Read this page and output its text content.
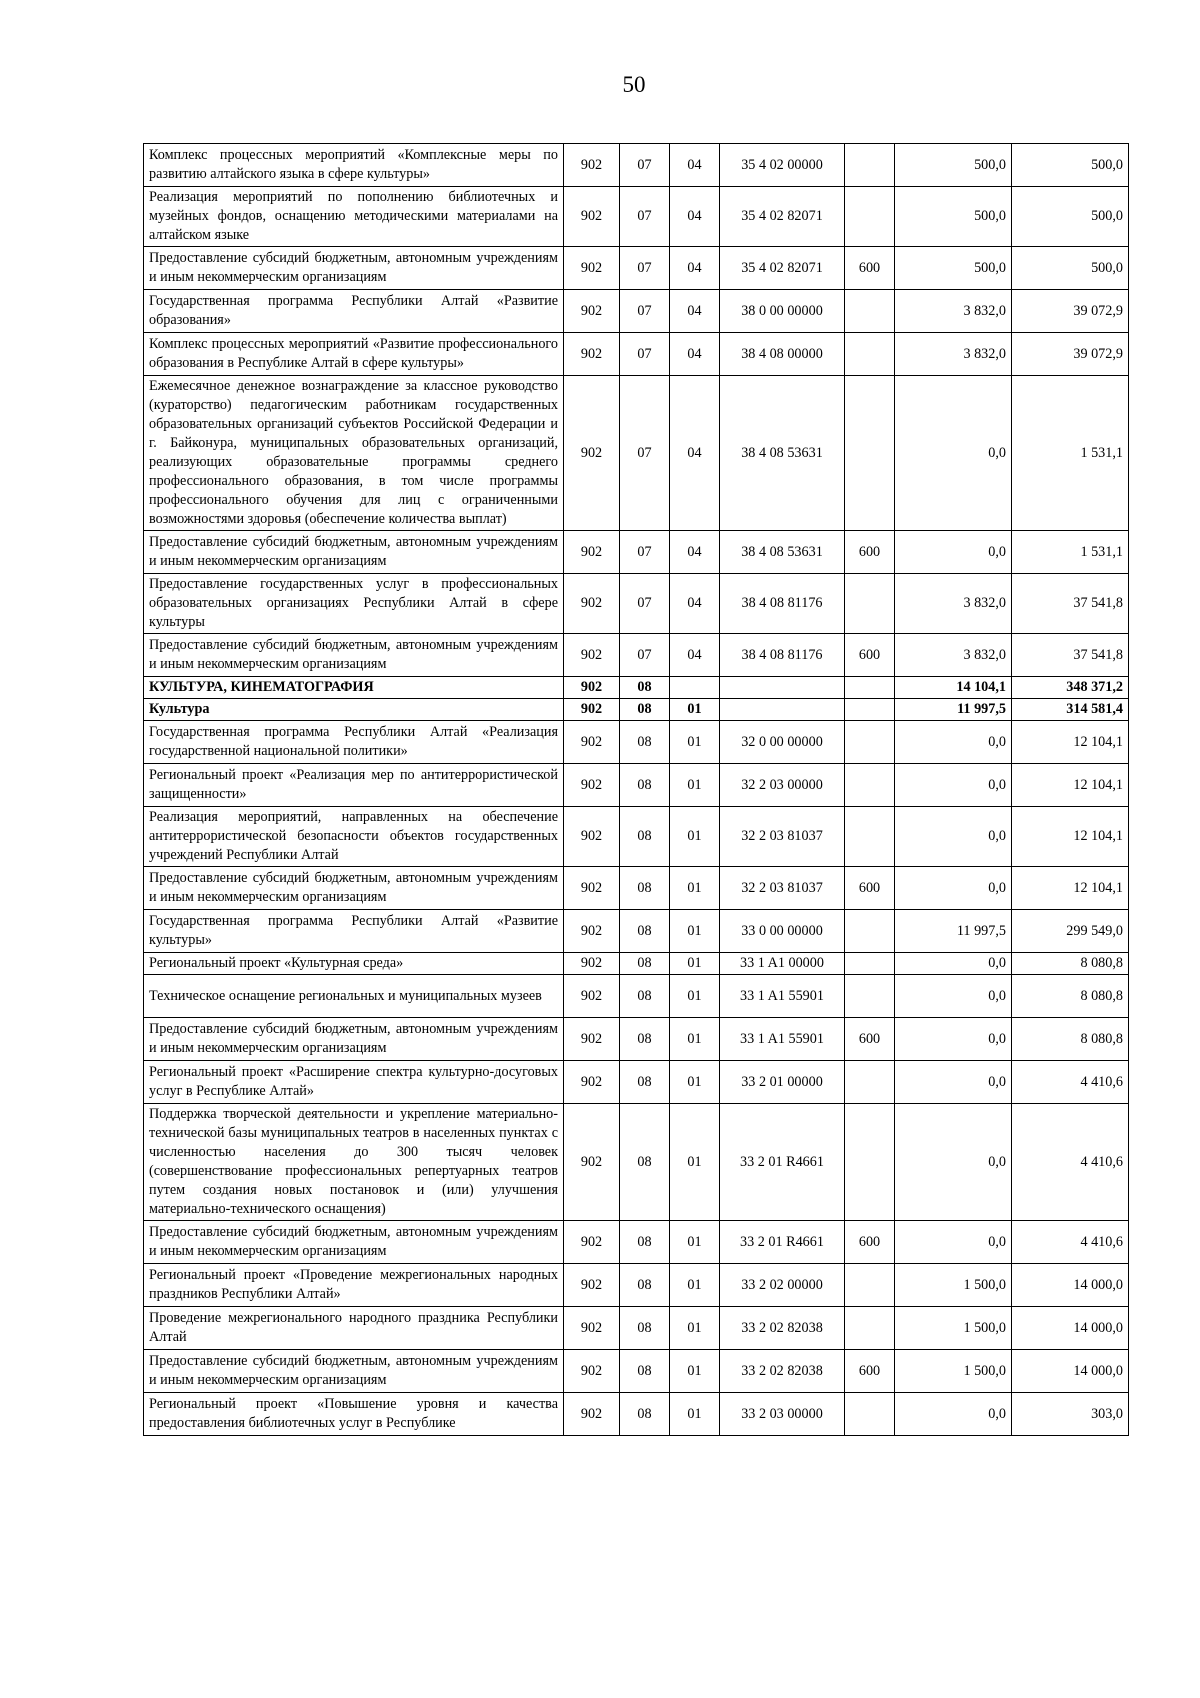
50
Комплекс процессных мероприятий «Комплексные меры по развитию алтайского языка в сфере культуры»	902	07	04	35 4 02 00000		500,0	500,0
Реализация мероприятий по пополнению библиотечных и музейных фондов, оснащению методическими материалами на алтайском языке	902	07	04	35 4 02 82071		500,0	500,0
Предоставление субсидий бюджетным, автономным учреждениям и иным некоммерческим организациям	902	07	04	35 4 02 82071	600	500,0	500,0
Государственная программа Республики Алтай «Развитие образования»	902	07	04	38 0 00 00000		3 832,0	39 072,9
Комплекс процессных мероприятий «Развитие профессионального образования в Республике Алтай в сфере культуры»	902	07	04	38 4 08 00000		3 832,0	39 072,9
Ежемесячное денежное вознаграждение за классное руководство (кураторство) педагогическим работникам государственных образовательных организаций субъектов Российской Федерации и г. Байконура, муниципальных образовательных организаций, реализующих образовательные программы среднего профессионального образования, в том числе программы профессионального обучения для лиц с ограниченными возможностями здоровья (обеспечение количества выплат)	902	07	04	38 4 08 53631		0,0	1 531,1
Предоставление субсидий бюджетным, автономным учреждениям и иным некоммерческим организациям	902	07	04	38 4 08 53631	600	0,0	1 531,1
Предоставление государственных услуг в профессиональных образовательных организациях Республики Алтай в сфере культуры	902	07	04	38 4 08 81176		3 832,0	37 541,8
Предоставление субсидий бюджетным, автономным учреждениям и иным некоммерческим организациям	902	07	04	38 4 08 81176	600	3 832,0	37 541,8
КУЛЬТУРА, КИНЕМАТОГРАФИЯ	902	08				14 104,1	348 371,2
Культура	902	08	01			11 997,5	314 581,4
Государственная программа Республики Алтай «Реализация государственной национальной политики»	902	08	01	32 0 00 00000		0,0	12 104,1
Региональный проект «Реализация мер по антитеррористической защищенности»	902	08	01	32 2 03 00000		0,0	12 104,1
Реализация мероприятий, направленных на обеспечение антитеррористической безопасности объектов государственных учреждений Республики Алтай	902	08	01	32 2 03 81037		0,0	12 104,1
Предоставление субсидий бюджетным, автономным учреждениям и иным некоммерческим организациям	902	08	01	32 2 03 81037	600	0,0	12 104,1
Государственная программа Республики Алтай «Развитие культуры»	902	08	01	33 0 00 00000		11 997,5	299 549,0
Региональный проект «Культурная среда»	902	08	01	33 1 A1 00000		0,0	8 080,8
Техническое оснащение региональных и муниципальных музеев	902	08	01	33 1 A1 55901		0,0	8 080,8
Предоставление субсидий бюджетным, автономным учреждениям и иным некоммерческим организациям	902	08	01	33 1 A1 55901	600	0,0	8 080,8
Региональный проект «Расширение спектра культурно-досуговых услуг в Республике Алтай»	902	08	01	33 2 01 00000		0,0	4 410,6
Поддержка творческой деятельности и укрепление материально-технической базы муниципальных театров в населенных пунктах с численностью населения до 300 тысяч человек (совершенствование профессиональных репертуарных театров путем создания новых постановок и (или) улучшения материально-технического оснащения)	902	08	01	33 2 01 R4661		0,0	4 410,6
Предоставление субсидий бюджетным, автономным учреждениям и иным некоммерческим организациям	902	08	01	33 2 01 R4661	600	0,0	4 410,6
Региональный проект «Проведение межрегиональных народных праздников Республики Алтай»	902	08	01	33 2 02 00000		1 500,0	14 000,0
Проведение межрегионального народного праздника Республики Алтай	902	08	01	33 2 02 82038		1 500,0	14 000,0
Предоставление субсидий бюджетным, автономным учреждениям и иным некоммерческим организациям	902	08	01	33 2 02 82038	600	1 500,0	14 000,0
Региональный проект «Повышение уровня и качества предоставления библиотечных услуг в Республике	902	08	01	33 2 03 00000		0,0	303,0
